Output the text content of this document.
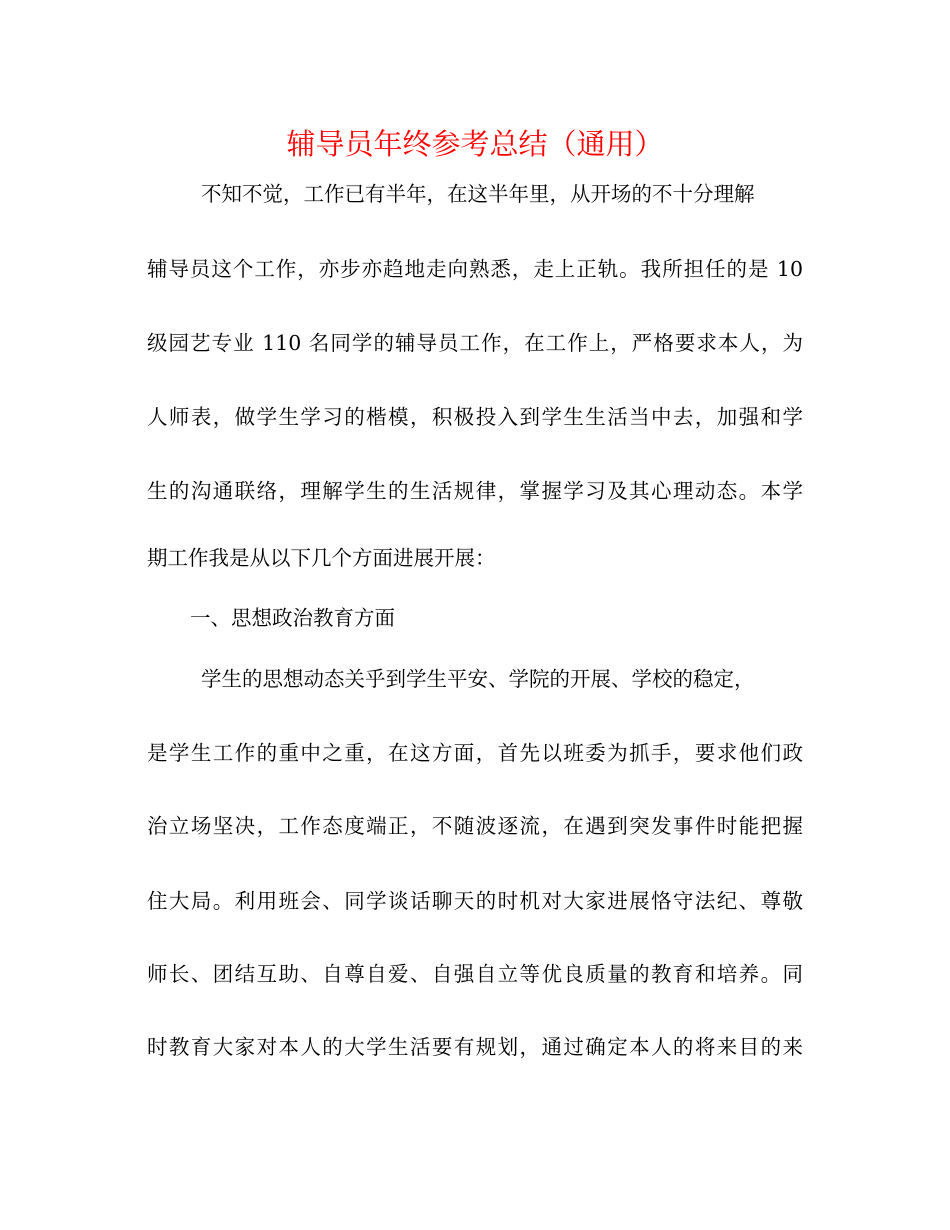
辅导员年终参考总结（通用）
不知不觉，工作已有半年，在这半年里，从开场的不十分理解
辅导员这个工作，亦步亦趋地走向熟悉，走上正轨。我所担任的是 10
级园艺专业 110 名同学的辅导员工作，在工作上，严格要求本人，为
人师表，做学生学习的楷模，积极投入到学生生活当中去，加强和学
生的沟通联络，理解学生的生活规律，掌握学习及其心理动态。本学
期工作我是从以下几个方面进展开展：
一、思想政治教育方面
学生的思想动态关乎到学生平安、学院的开展、学校的稳定，
是学生工作的重中之重，在这方面，首先以班委为抓手，要求他们政
治立场坚决，工作态度端正，不随波逐流，在遇到突发事件时能把握
住大局。利用班会、同学谈话聊天的时机对大家进展恪守法纪、尊敬
师长、团结互助、自尊自爱、自强自立等优良质量的教育和培养。同
时教育大家对本人的大学生活要有规划，通过确定本人的将来目的来
